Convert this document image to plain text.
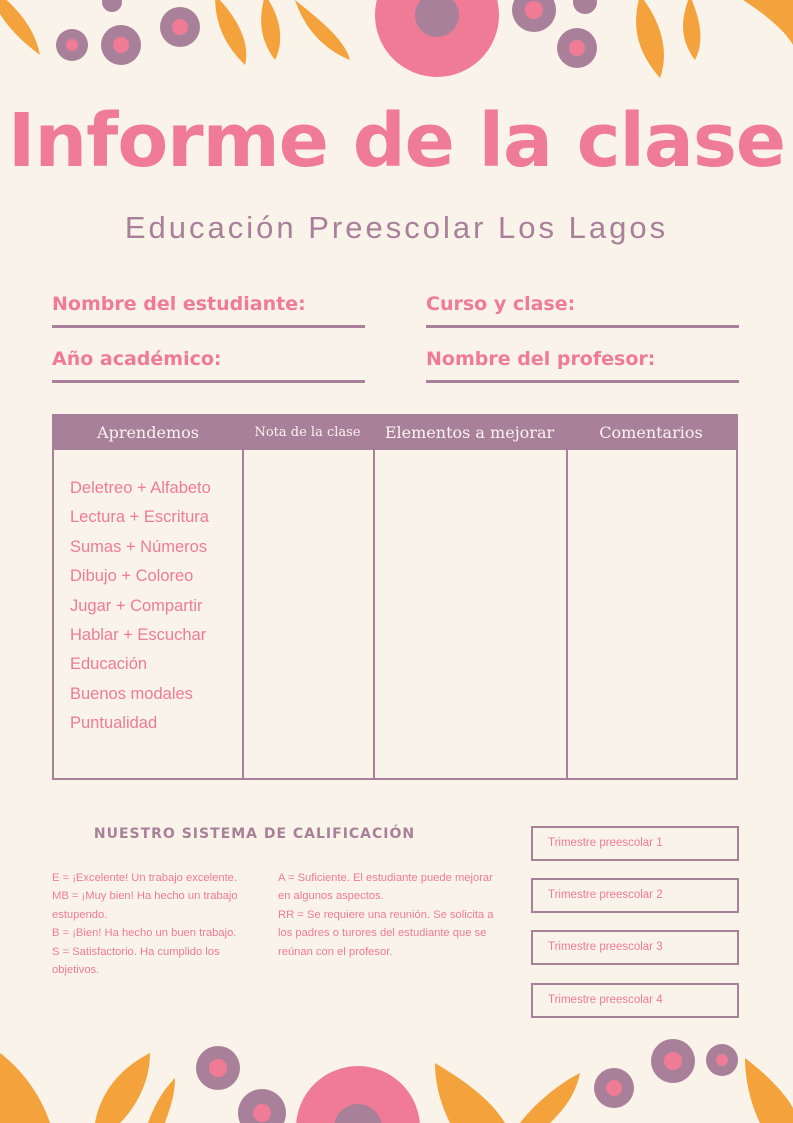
Informe de la clase
Educación Preescolar Los Lagos
Nombre del estudiante:	Curso y clase:
Año académico:	Nombre del profesor:
Aprendemos	Nota de la clase	Elementos a mejorar	Comentarios
Deletreo + Alfabeto
Lectura + Escritura
Sumas + Números
Dibujo + Coloreo
Jugar + Compartir
Hablar + Escuchar
Educación
Buenos modales
Puntualidad
NUESTRO SISTEMA DE CALIFICACIÓN
E = ¡Excelente! Un trabajo excelente.
MB = ¡Muy bien! Ha hecho un trabajo estupendo.
B = ¡Bien! Ha hecho un buen trabajo.
S = Satisfactorio. Ha cumplido los objetivos.
A = Suficiente. El estudiante puede mejorar en algunos aspectos.
RR = Se requiere una reunión. Se solicita a los padres o turores del estudiante que se reúnan con el profesor.
Trimestre preescolar 1
Trimestre preescolar 2
Trimestre preescolar 3
Trimestre preescolar 4
